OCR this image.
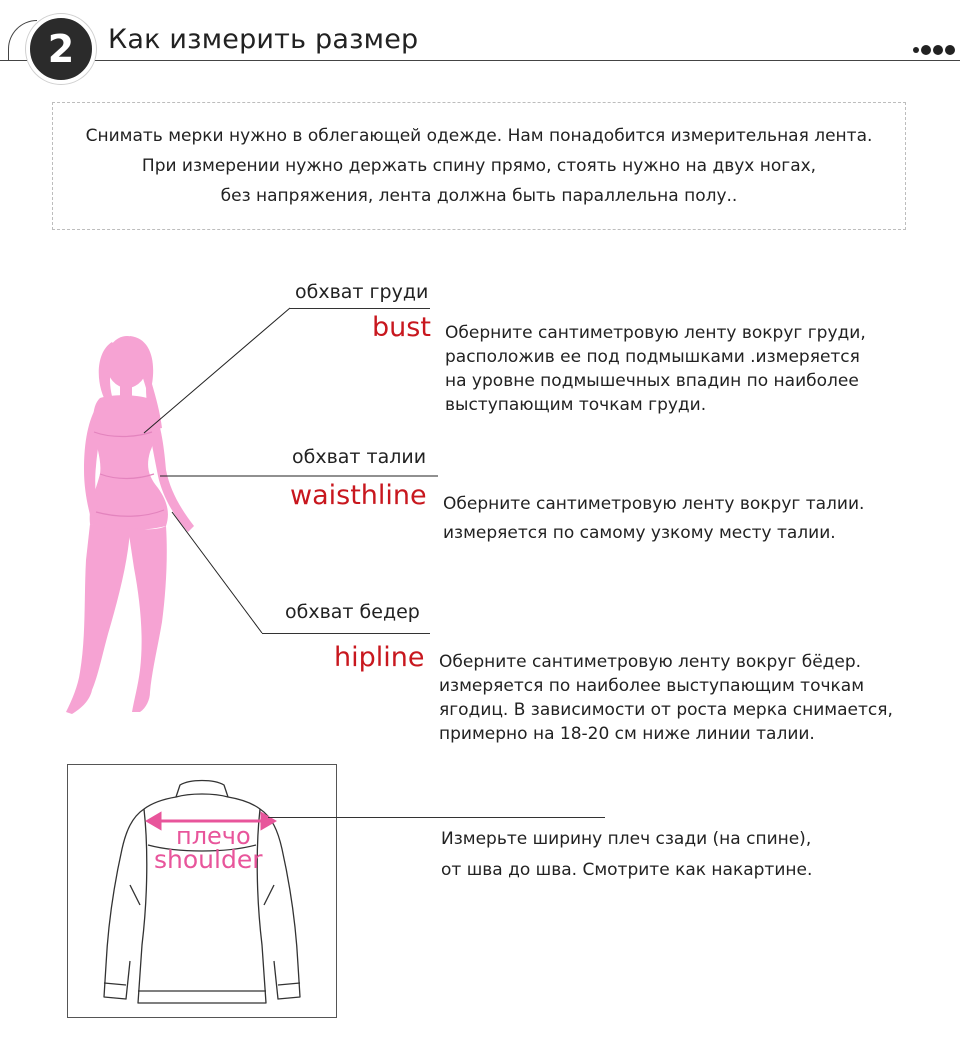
2	Как измерить размер
Снимать мерки нужно в облегающей одежде. Нам понадобится измерительная лента.
При измерении нужно держать спину прямо, стоять нужно на двух ногах,
без напряжения, лента должна быть параллельна полу..
обхват груди
bust Оберните сантиметровую ленту вокруг груди,
расположив ее под подмышками .измеряется
на уровне подмышечных впадин по наиболее
выступающим точкам груди.
обхват талии
waisthline Оберните сантиметровую ленту вокруг талии.
измеряется по самому узкому месту талии.
обхват бедер
hipline Оберните сантиметровую ленту вокруг бёдер.
измеряется по наиболее выступающим точкам
ягодиц. В зависимости от роста мерка снимается,
примерно на 18-20 см ниже линии талии.
плечо
shoulder
Измерьте ширину плеч сзади (на спине),
от шва до шва. Смотрите как накартине.
